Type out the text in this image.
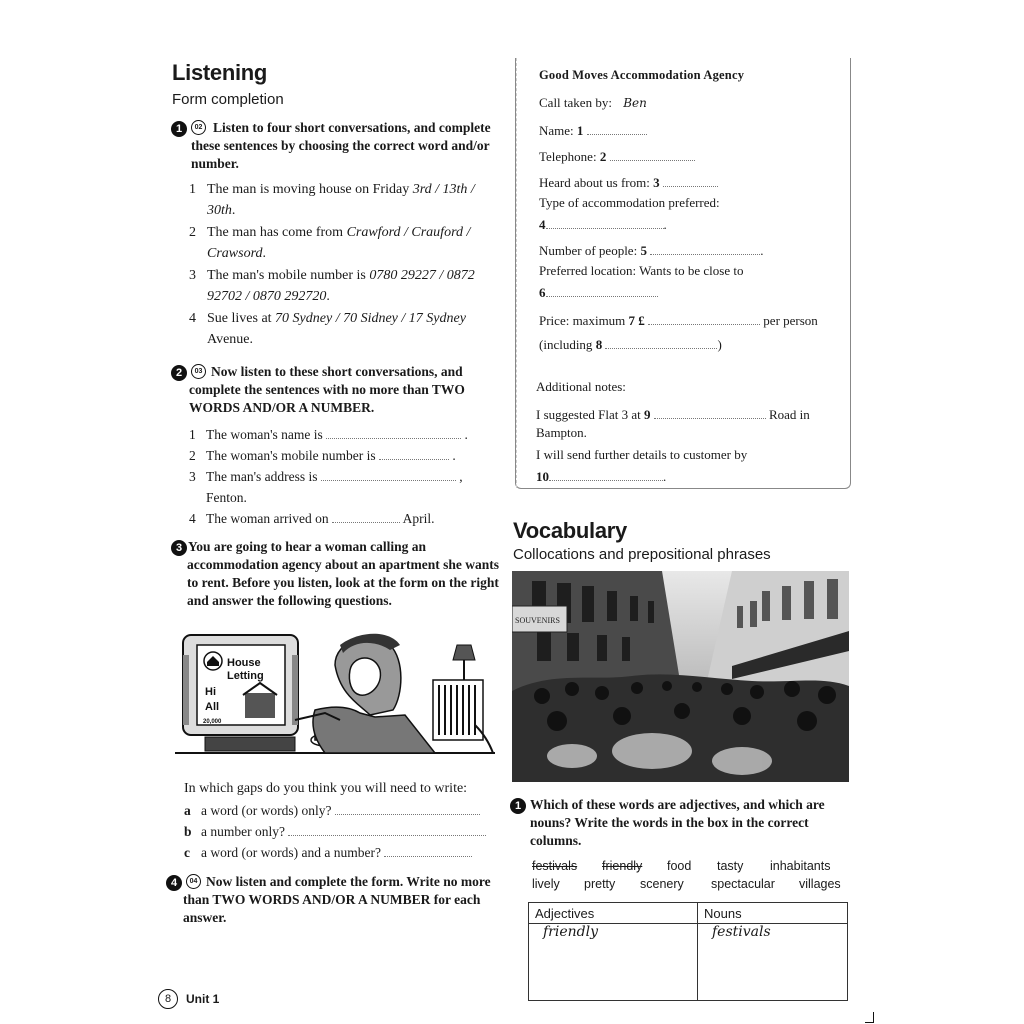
Listening
Form completion
1	02 Listen to four short conversations, and complete these sentences by choosing the correct word and/or number.
1 The man is moving house on Friday 3rd / 13th / 30th.
2 The man has come from Crawford / Crauford / Crawsord.
3 The man's mobile number is 0780 29227 / 0872 92702 / 0870 292720.
4 Sue lives at 70 Sydney / 70 Sidney / 17 Sydney Avenue.
2	03 Now listen to these short conversations, and complete the sentences with no more than TWO WORDS AND/OR A NUMBER.
1 The woman's name is	.
2 The woman's mobile number is	.
3 The man's address is	,
Fenton.
4 The woman arrived on	April.
3 You are going to hear a woman calling an accommodation agency about an apartment she wants to rent. Before you listen, look at the form on the right and answer the following questions.
House
Letting
Hi
All
20,000
In which gaps do you think you will need to write:
a a word (or words) only?
b a number only?
c a word (or words) and a number?
4	04 Now listen and complete the form. Write no more than TWO WORDS AND/OR A NUMBER for each answer.
8 Unit 1
Good Moves Accommodation Agency
Call taken by: Ben
Name: 1
Telephone: 2
Heard about us from: 3
Type of accommodation preferred:
4	.
Number of people: 5	.
Preferred location: Wants to be close to
6
Price: maximum 7 £	per person
(including 8	)
Additional notes:
I suggested Flat 3 at 9	Road in
Bampton.
I will send further details to customer by
10	.
Vocabulary
Collocations and prepositional phrases
SOUVENIRS
1 Which of these words are adjectives, and which are nouns? Write the words in the box in the correct columns.
festivals	friendly	food	tasty	inhabitants
lively	pretty	scenery	spectacular	villages
Adjectives	Nouns
friendly	festivals
